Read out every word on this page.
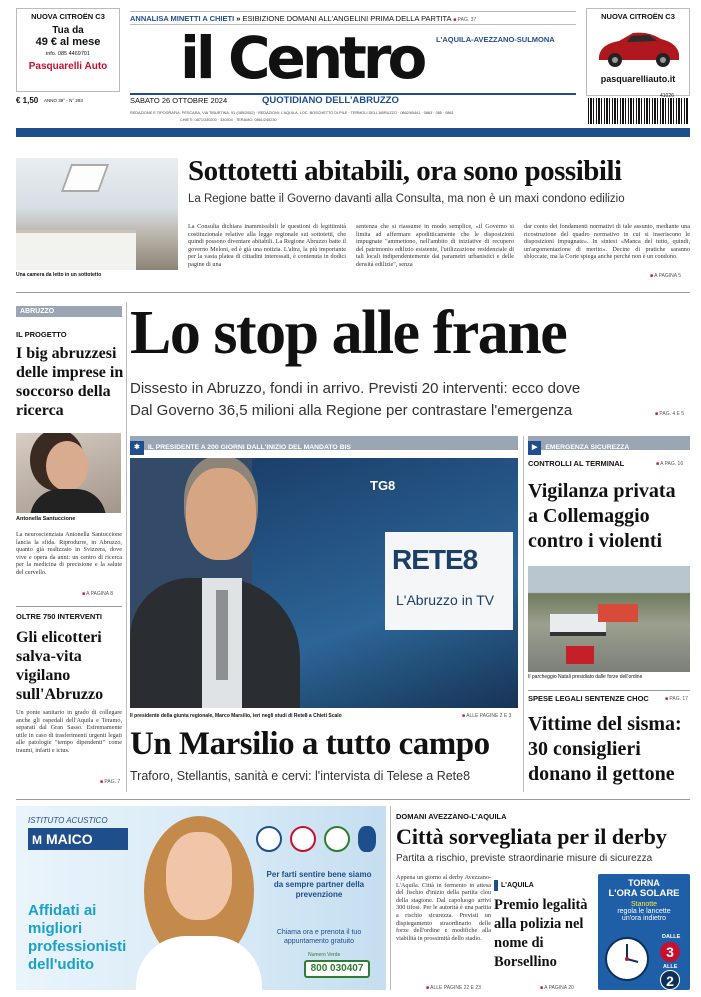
NUOVA CITROËN C3
Tua da
49 € al mese
info. 085 4469701
Pasquarelli Auto
ANNALISA MINETTI A CHIETI » ESIBIZIONE DOMANI ALL'ANGELINI PRIMA DELLA PARTITA ■ PAG. 37
il Centro L'AQUILA-AVEZZANO-SULMONA
QUOTIDIANO DELL'ABRUZZO
SABATO 26 OTTOBRE 2024
€ 1,50 ANNO 39° - N° 293
REDAZIONE E TIPOGRAFIA: PESCARA, VIA TIBURTINA, 91 (085/2052) · REDAZIONI: L'AQUILA, LOC. BOSCHETTO DI PILE · TERMOLI DELL'ABRUZZO · 0862/60441 · 0863 · 085 · 0861
CHIETI: 0871/330200 · 330304 · TERAMO: 0861/245230
NUOVA CITROËN C3
pasquarelliauto.it
41026
ilcentro.it
Una camera da letto in un sottotetto
Sottotetti abitabili, ora sono possibili
La Regione batte il Governo davanti alla Consulta, ma non è un maxi condono edilizio
La Consulta dichiara inammissibili le questioni di legittimità costituzionale relative alla legge regionale sui sottotetti, che quindi possono diventare abitabili. La Regione Abruzzo batte il governo Meloni, ed è già una notizia. L'altra, la più importante per la vasta platea di cittadini interessati, è contenuta in dodici pagine di una
sentenza che si riassume in modo semplice, «il Governo si limita ad affermare apoditticamente che le disposizioni impugnate "ammettono, nell'ambito di iniziative di recupero del patrimonio edilizio esistente, l'utilizzazione residenziale di tali locali indipendentemente dai parametri urbanistici e delle densità edilizie", senza
dar conto dei fondamenti normativi di tale assunto, mediante una ricostruzione del quadro normativo in cui si inseriscono le disposizioni impugnate». In sintesi «Manca del tutto, quindi, un'argomentazione di merito». Decine di pratiche saranno sbloccate, ma la Corte spiega anche perché non è un condono.
■ A PAGINA 5
ABRUZZO
IL PROGETTO
I big abruzzesi delle imprese in soccorso della ricerca
Antonella Santuccione
La neuroscienziata Antonella Santuccione lancia la sfida. Riprodurre, in Abruzzo, quanto già realizzato in Svizzera, dove vive e opera da anni: un centro di ricerca per la medicina di precisione e la salute del cervello.
■ A PAGINA 8
OLTRE 750 INTERVENTI
Gli elicotteri salva-vita vigilano sull'Abruzzo
Un ponte sanitario in grado di collegare anche gli ospedali dell'Aquila e Teramo, separati dal Gran Sasso. Estremamente utile in caso di trasferimenti urgenti legati alle patologie "tempo dipendenti" come traumi, infarti e ictus.
■ PAG. 7
Lo stop alle frane
Dissesto in Abruzzo, fondi in arrivo. Previsti 20 interventi: ecco dove
Dal Governo 36,5 milioni alla Regione per contrastare l'emergenza	■ PAG. 4 E 5
✱ IL PRESIDENTE A 200 GIORNI DALL'INIZIO DEL MANDATO BIS
TG8
RETE8
L'Abruzzo in TV
Il presidente della giunta regionale, Marco Marsilio, ieri negli studi di Rete8 a Chieti Scalo	■ ALLE PAGINE 2 E 3
Un Marsilio a tutto campo
Traforo, Stellantis, sanità e cervi: l'intervista di Telese a Rete8
▶ EMERGENZA SICUREZZA
CONTROLLI AL TERMINAL	■ A PAG. 16
Vigilanza privata a Collemaggio contro i violenti
Il parcheggio Natali presidiato dalle forze dell'ordine
SPESE LEGALI SENTENZE CHOC	■ PAG. 17
Vittime del sisma: 30 consiglieri donano il gettone
ISTITUTO ACUSTICO
M MAICO
Affidati ai migliori professionisti dell'udito
Per farti sentire bene siamo da sempre partner della prevenzione
Chiama ora e prenota il tuo appuntamento gratuito
Numero Verde
800 030407
DOMANI AVEZZANO-L'AQUILA
Città sorvegliata per il derby
Partita a rischio, previste straordinarie misure di sicurezza
Appena un giorno al derby Avezzano-L'Aquila. Città in fermento in attesa del fischio d'inizio della partita clou della stagione. Dal capoluogo arrivi 300 tifosi. Per le autorità è una partita a rischio sicurezza. Previsti un dispiegamento straordinario delle forze dell'ordine e modifiche alla viabilità in prossimità dello stadio.
■ ALLE PAGINE 22 E 23
L'AQUILA
Premio legalità alla polizia nel nome di Borsellino
■ A PAGINA 20
TORNA
L'ORA SOLARE
Stanotte
regola le lancette
un'ora indietro
DALLE
3
ALLE
2
